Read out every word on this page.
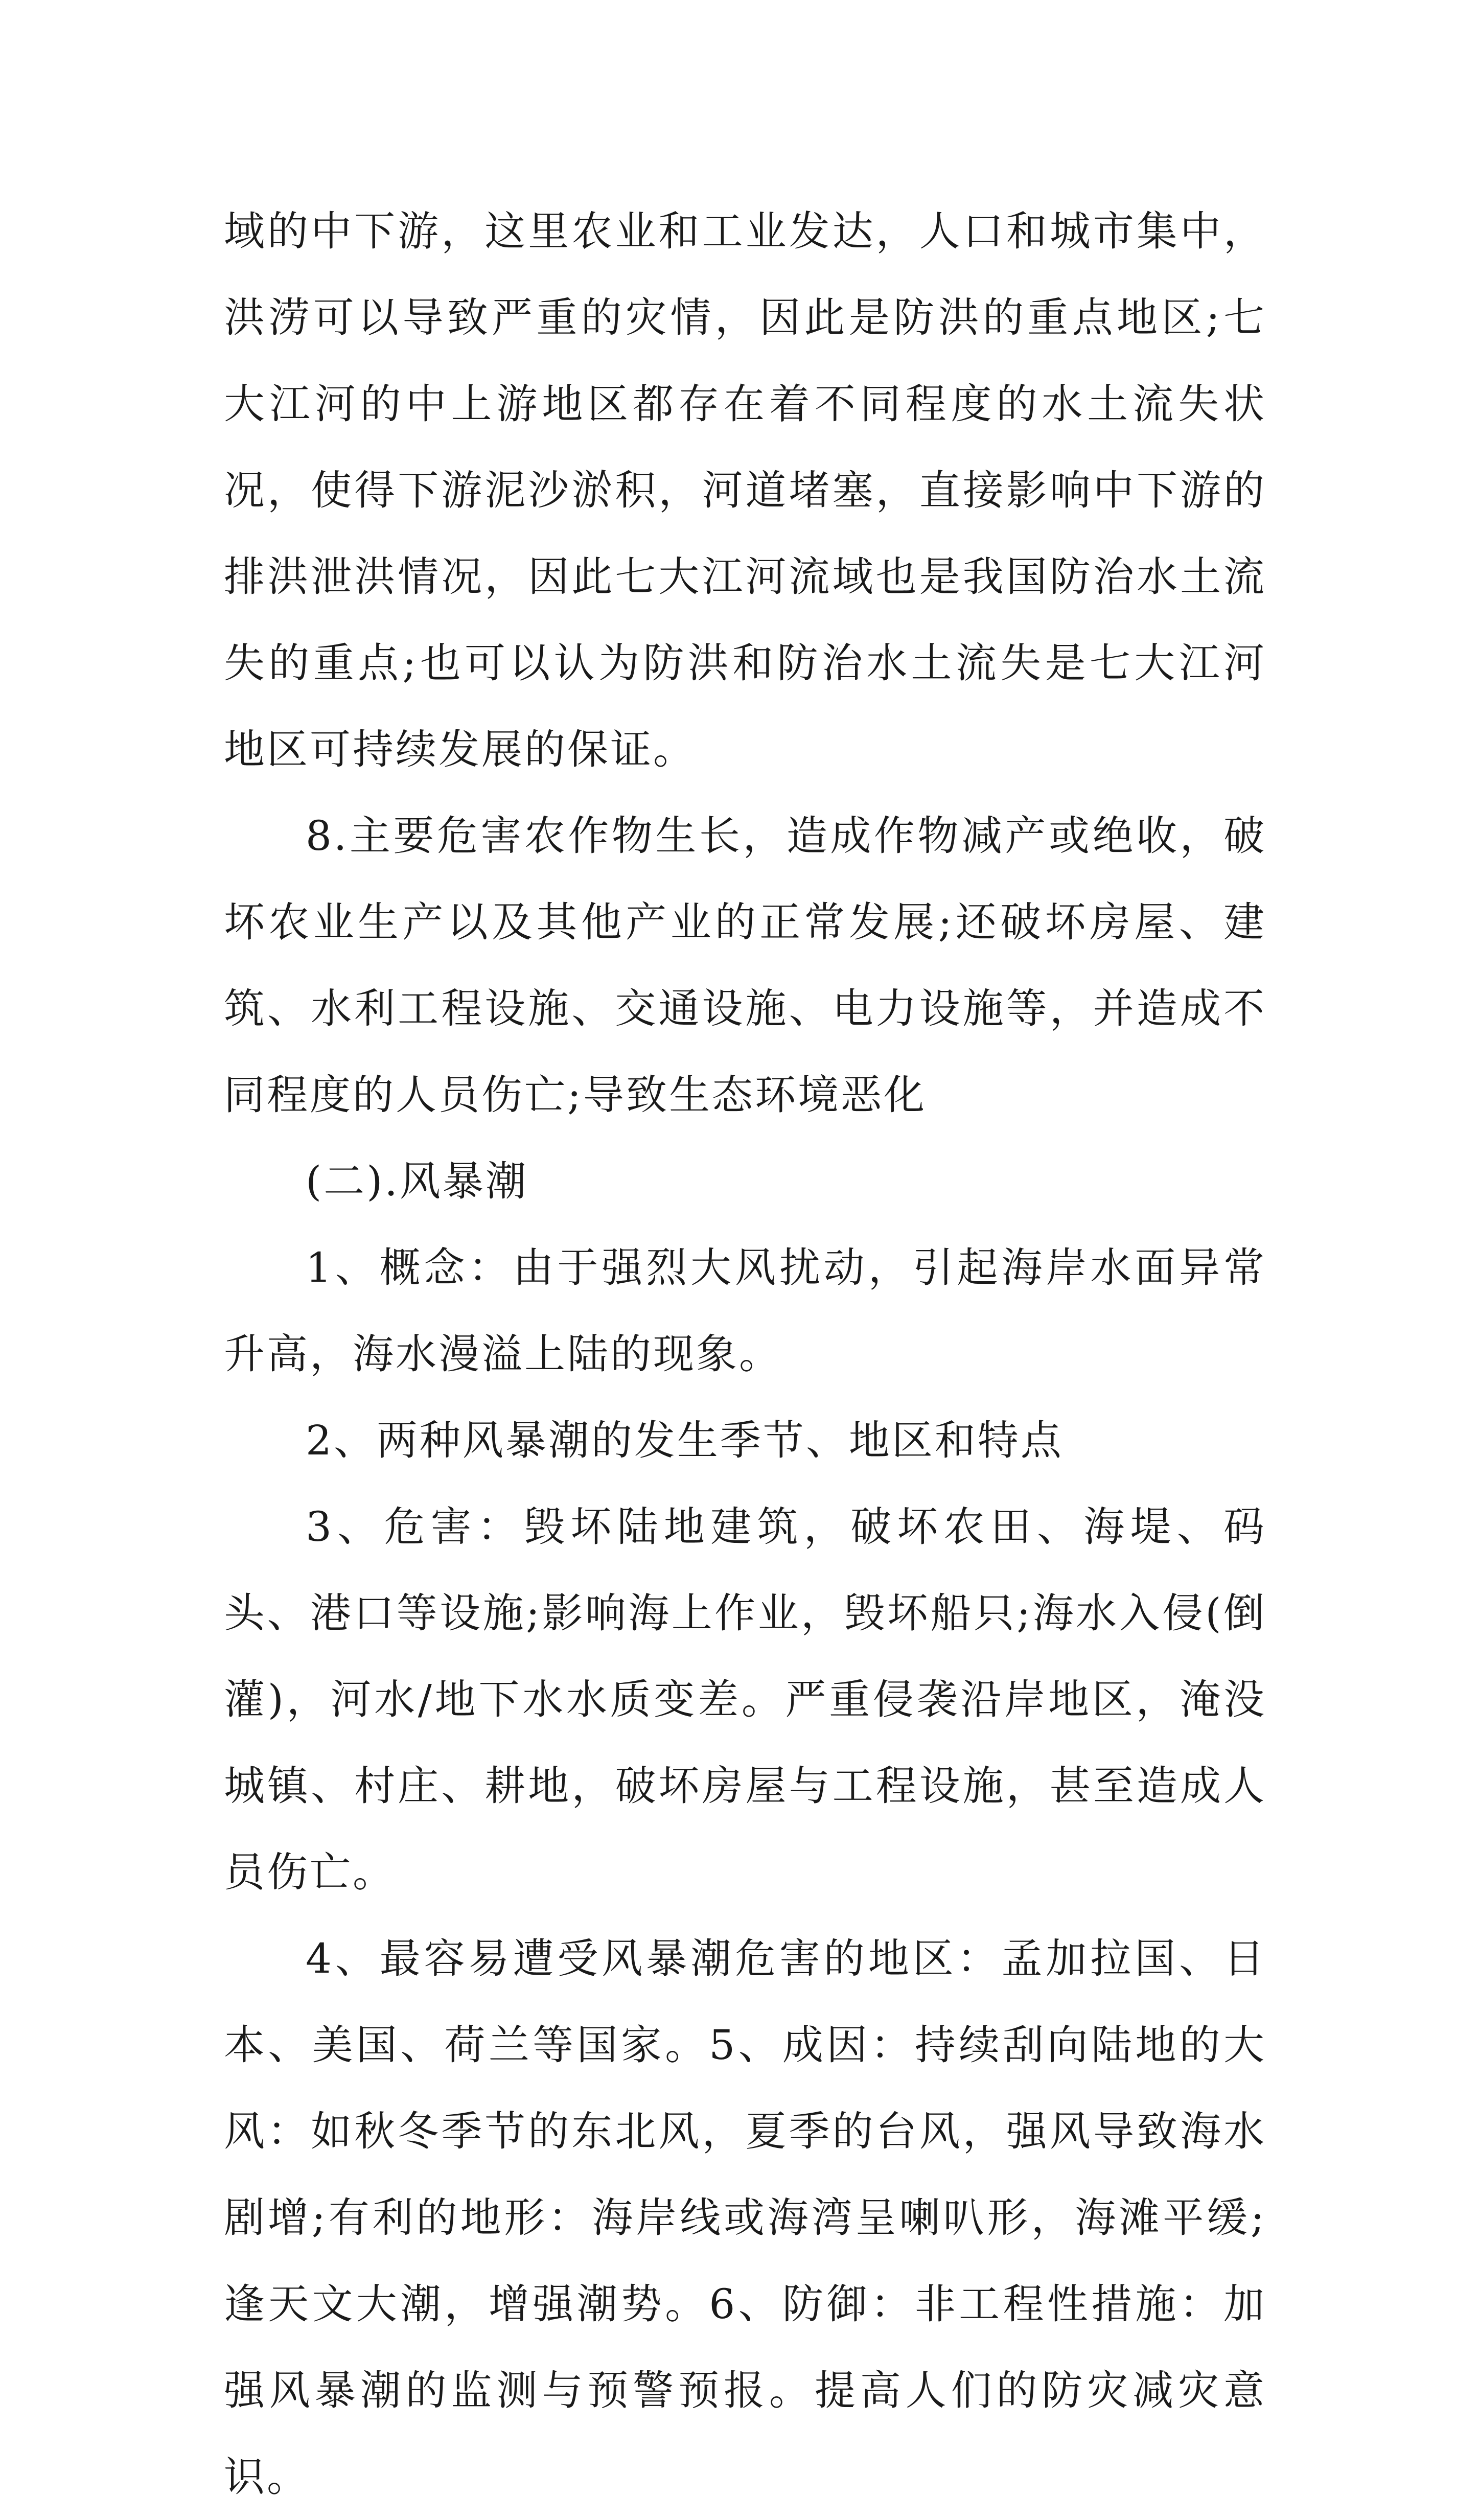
域的中下游，这里农业和工业发达，人口和城市集中，洪涝可以导致严重的灾情，因此是防洪的重点地区;七大江河的中上游地区都存在着不同程度的水土流失状况，使得下游泥沙淤积，河道堵塞，直接影响中下游的排洪泄洪情况，因此七大江河流域也是我国防治水土流失的重点;也可以认为防洪和防治水土流失是七大江河地区可持续发展的保证。

8.主要危害农作物生长，造成作物减产或绝收，破坏农业生产以及其他产业的正常发展;还破坏房屋、建筑、水利工程设施、交通设施、电力设施等，并造成不同程度的人员伤亡;导致生态环境恶化

(二).风暴潮

1、概念：由于强烈大风扰动，引起海岸水面异常升高，海水漫溢上陆的现象。

2、两种风暴潮的发生季节、地区和特点

3、危害：毁坏陆地建筑，破坏农田、海堤、码头、港口等设施;影响海上作业，毁坏船只;海水入侵(倒灌)，河水/地下水水质变差。严重侵袭沿岸地区，淹没城镇、村庄、耕地，破坏房屋与工程设施，甚至造成人员伤亡。

4、最容易遭受风暴潮危害的地区：孟加拉国、日本、美国、荷兰等国家。5、成因：持续刮向陆地的大风：如秋冬季节的东北风，夏季的台风，强风导致海水剧增;有利的地形：海岸线或海湾呈喇叭形，海滩平缓;逢天文大潮，增强潮势。6、防御：非工程性措施：加强风暴潮的监测与预警预报。提高人们的防灾减灾意识。
